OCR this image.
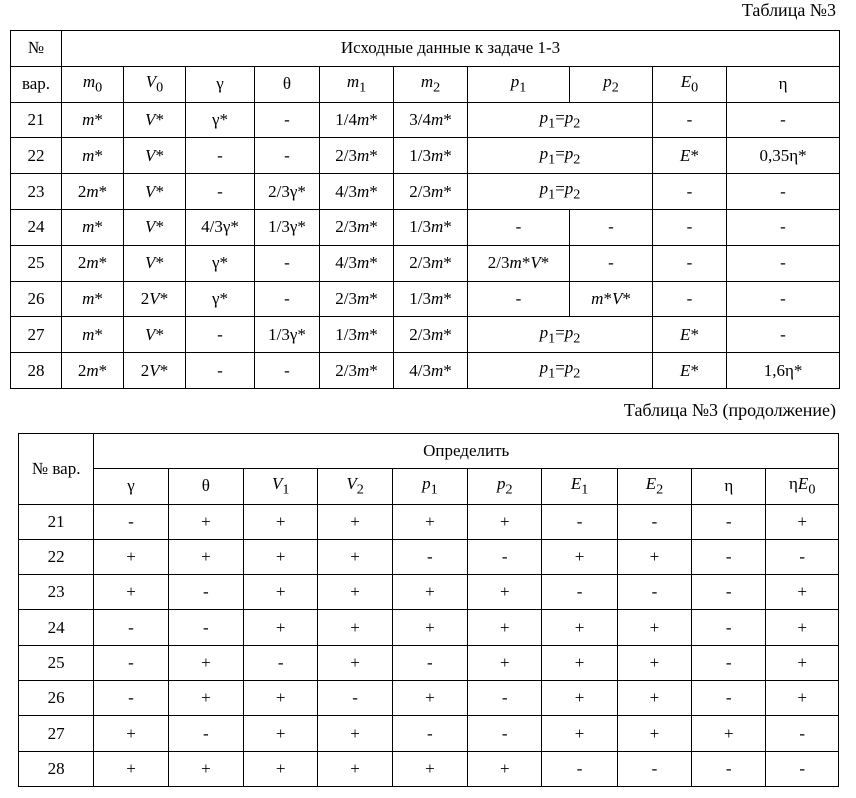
Таблица №3
№	Исходные данные к задаче 1-3									
вар.	$m_0$	$V_0$	γ	θ	$m_1$	$m_2$	$p_1$	$p_2$	$E_0$	η
21	m*	V*	γ*	-	1/4m*	3/4m*	$p_1=p_2$		-	-
22	m*	V*	-	-	2/3m*	1/3m*	$p_1=p_2$		E*	0,35η*
23	2m*	V*	-	2/3γ*	4/3m*	2/3m*	$p_1=p_2$		-	-
24	m*	V*	4/3γ*	1/3γ*	2/3m*	1/3m*	-	-	-	-
25	2m*	V*	γ*	-	4/3m*	2/3m*	2/3m*V*	-	-	-
26	m*	2V*	γ*	-	2/3m*	1/3m*	-	m*V*	-	-
27	m*	V*	-	1/3γ*	1/3m*	2/3m*	$p_1=p_2$		E*	-
28	2m*	2V*	-	-	2/3m*	4/3m*	$p_1=p_2$		E*	1,6η*
Таблица №3 (продолжение)
№ вар.	Определить									
	γ	θ	$V_1$	$V_2$	$p_1$	$p_2$	$E_1$	$E_2$	η	$\eta E_0$
21	-	+	+	+	+	+	-	-	-	+
22	+	+	+	+	-	-	+	+	-	-
23	+	-	+	+	+	+	-	-	-	+
24	-	-	+	+	+	+	+	+	-	+
25	-	+	-	+	-	+	+	+	-	+
26	-	+	+	-	+	-	+	+	-	+
27	+	-	+	+	-	-	+	+	+	-
28	+	+	+	+	+	+	-	-	-	-
